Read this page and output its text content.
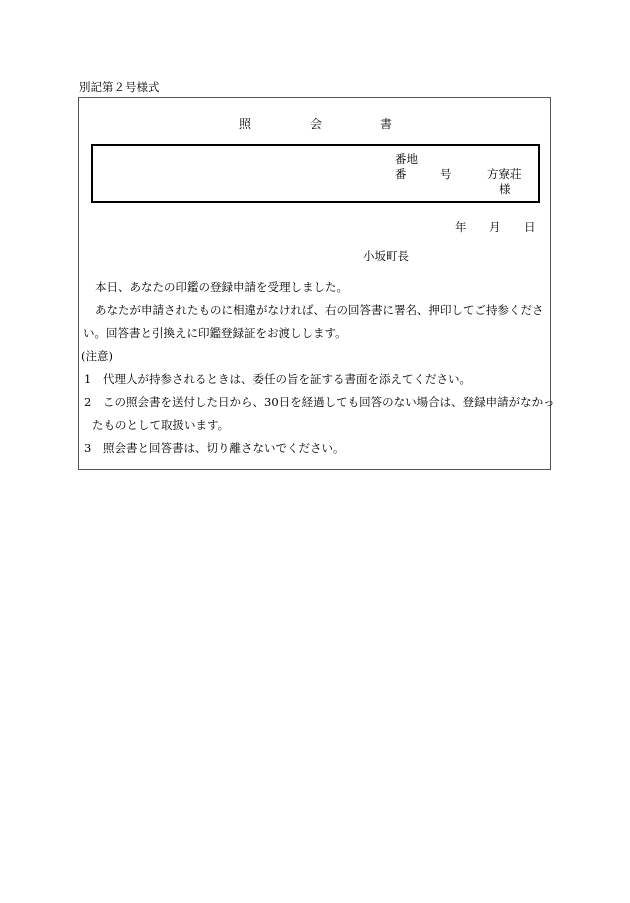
別記第２号様式
照	会	書
番地
番	号	方寮荘
様
年 月 日
小坂町長
本日、あなたの印鑑の登録申請を受理しました。
あなたが申請されたものに相違がなければ、右の回答書に署名、押印してご持参くださ
い。回答書と引換えに印鑑登録証をお渡しします。
(注意)
1 代理人が持参されるときは、委任の旨を証する書面を添えてください。
2 この照会書を送付した日から、30日を経過しても回答のない場合は、登録申請がなかっ
たものとして取扱います。
3 照会書と回答書は、切り離さないでください。
